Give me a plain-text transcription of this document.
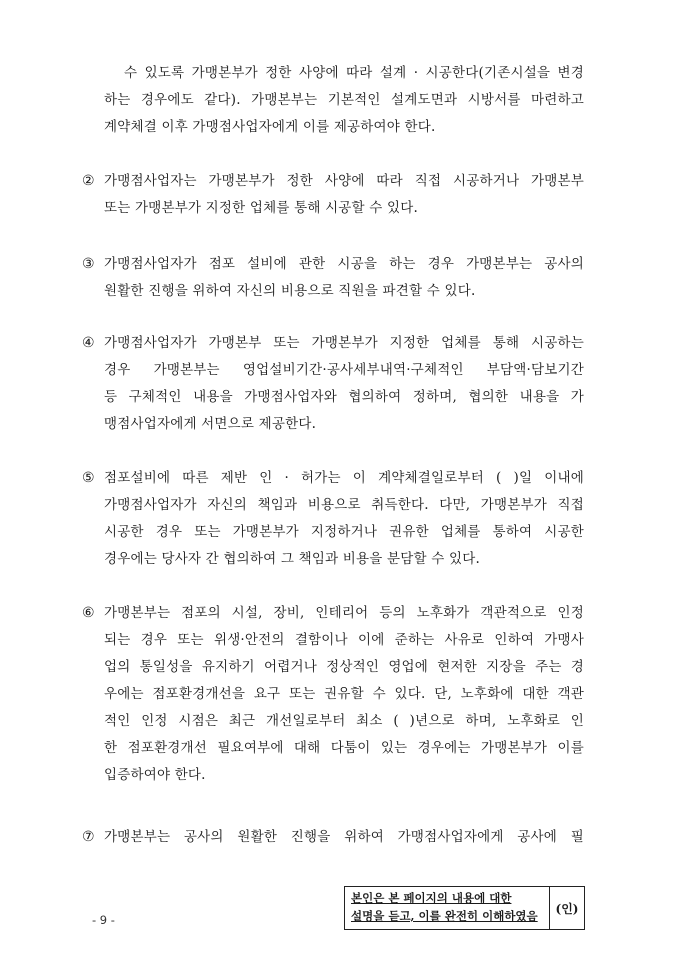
수 있도록 가맹본부가 정한 사양에 따라 설계 · 시공한다(기존시설을 변경
하는 경우에도 같다). 가맹본부는 기본적인 설계도면과 시방서를 마련하고
계약체결 이후 가맹점사업자에게 이를 제공하여야 한다.
② 가맹점사업자는 가맹본부가 정한 사양에 따라 직접 시공하거나 가맹본부
또는 가맹본부가 지정한 업체를 통해 시공할 수 있다.
③ 가맹점사업자가 점포 설비에 관한 시공을 하는 경우 가맹본부는 공사의
원활한 진행을 위하여 자신의 비용으로 직원을 파견할 수 있다.
④ 가맹점사업자가 가맹본부 또는 가맹본부가 지정한 업체를 통해 시공하는
경우 가맹본부는 영업설비기간·공사세부내역·구체적인 부담액·담보기간
등 구체적인 내용을 가맹점사업자와 협의하여 정하며, 협의한 내용을 가
맹점사업자에게 서면으로 제공한다.
⑤ 점포설비에 따른 제반 인 · 허가는 이 계약체결일로부터 ( )일 이내에
가맹점사업자가 자신의 책임과 비용으로 취득한다. 다만, 가맹본부가 직접
시공한 경우 또는 가맹본부가 지정하거나 권유한 업체를 통하여 시공한
경우에는 당사자 간 협의하여 그 책임과 비용을 분담할 수 있다.
⑥ 가맹본부는 점포의 시설, 장비, 인테리어 등의 노후화가 객관적으로 인정
되는 경우 또는 위생·안전의 결함이나 이에 준하는 사유로 인하여 가맹사
업의 통일성을 유지하기 어렵거나 정상적인 영업에 현저한 지장을 주는 경
우에는 점포환경개선을 요구 또는 권유할 수 있다. 단, 노후화에 대한 객관
적인 인정 시점은 최근 개선일로부터 최소 ( )년으로 하며, 노후화로 인
한 점포환경개선 필요여부에 대해 다툼이 있는 경우에는 가맹본부가 이를
입증하여야 한다.
⑦ 가맹본부는 공사의 원활한 진행을 위하여 가맹점사업자에게 공사에 필
- 9 -
본인은 본 페이지의 내용에 대한
설명을 듣고, 이를 완전히 이해하였음
(인)
